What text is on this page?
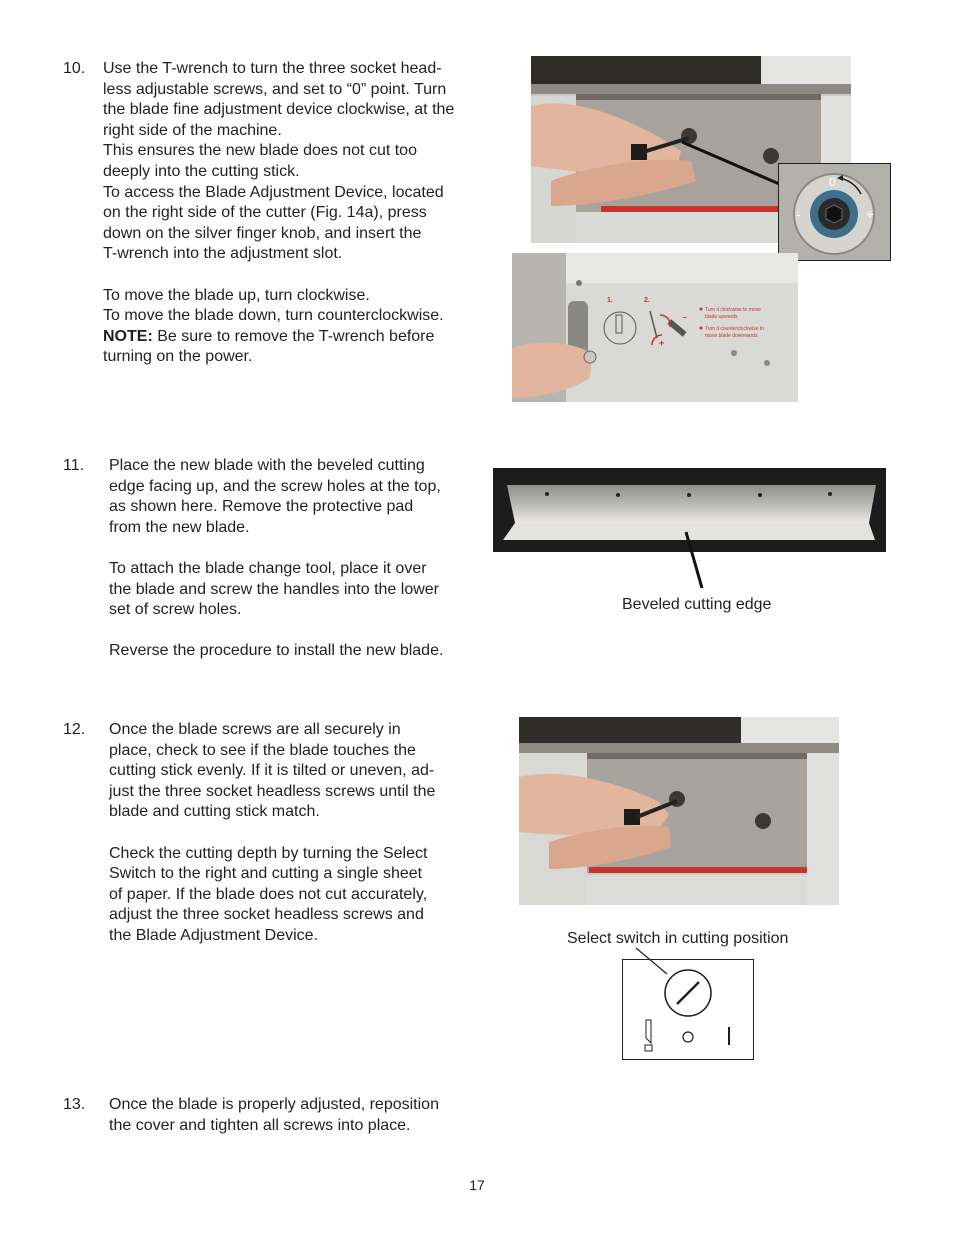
10. Use the T-wrench to turn the three socket head-

less adjustable screws, and set to “0” point. Turn

the blade fine adjustment device clockwise, at the

right side of the machine.

This ensures the new blade does not cut too

deeply into the cutting stick.

To access the Blade Adjustment Device, located

on the right side of the cutter (Fig. 14a), press

down on the silver finger knob, and insert the

T-wrench into the adjustment slot.

To move the blade up, turn clockwise.

To move the blade down, turn counterclockwise.

NOTE: Be sure to remove the T-wrench before

turning on the power.

0
-	+
1.	2.
−
+
Turn it clockwise to move
blade upwards
Turn it counterclockwise to
move blade downwards
11. Place the new blade with the beveled cutting

edge facing up, and the screw holes at the top,

as shown here. Remove the protective pad

from the new blade.

To attach the blade change tool, place it over

the blade and screw the handles into the lower

set of screw holes.

Reverse the procedure to install the new blade.

Beveled cutting edge
12. Once the blade screws are all securely in

place, check to see if the blade touches the

cutting stick evenly. If it is tilted or uneven, ad-

just the three socket headless screws until the

blade and cutting stick match.

Check the cutting depth by turning the Select

Switch to the right and cutting a single sheet

of paper. If the blade does not cut accurately,

adjust the three socket headless screws and

the Blade Adjustment Device.	Select switch in cutting position
13. Once the blade is properly adjusted, reposition

the cover and tighten all screws into place.

17
